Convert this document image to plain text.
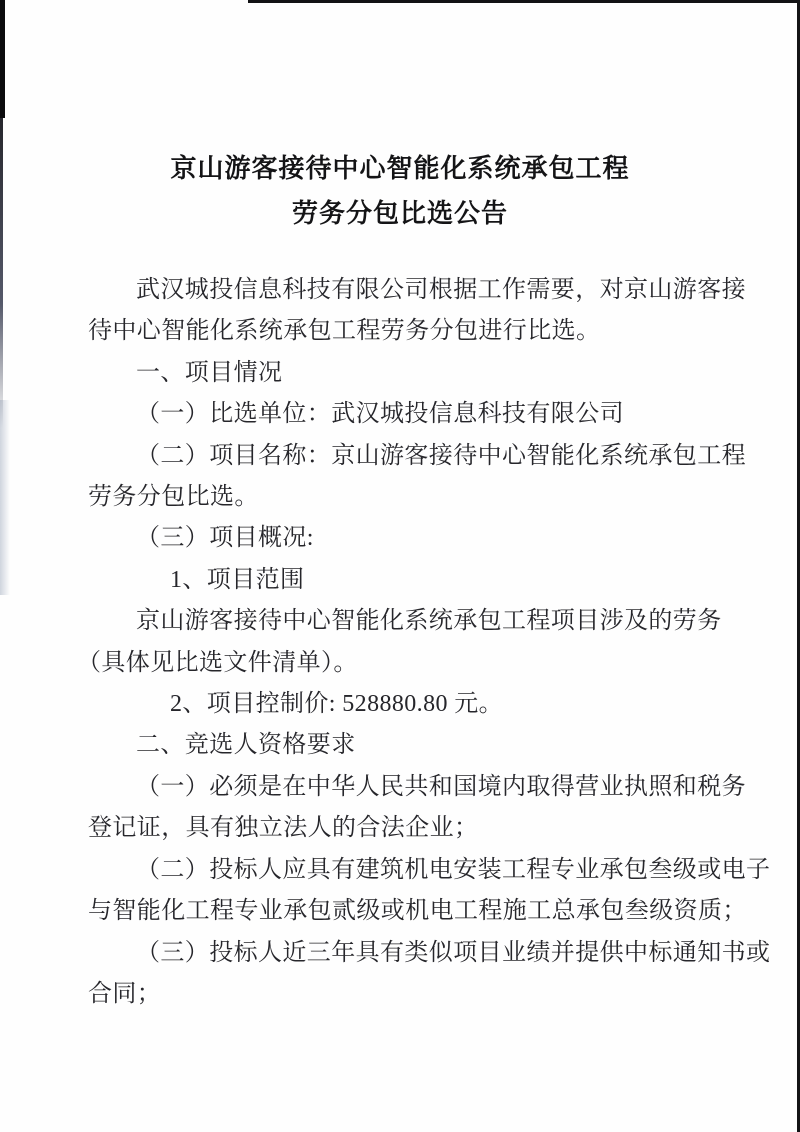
京山游客接待中心智能化系统承包工程
劳务分包比选公告
武汉城投信息科技有限公司根据工作需要，对京山游客接
待中心智能化系统承包工程劳务分包进行比选。
一、项目情况
（一）比选单位：武汉城投信息科技有限公司
（二）项目名称：京山游客接待中心智能化系统承包工程
劳务分包比选。
（三）项目概况:
1、项目范围
京山游客接待中心智能化系统承包工程项目涉及的劳务
（具体见比选文件清单）。
2、项目控制价: 528880.80 元。
二、竞选人资格要求
（一）必须是在中华人民共和国境内取得营业执照和税务
登记证，具有独立法人的合法企业；
（二）投标人应具有建筑机电安装工程专业承包叁级或电子
与智能化工程专业承包贰级或机电工程施工总承包叁级资质；
（三）投标人近三年具有类似项目业绩并提供中标通知书或
合同；
